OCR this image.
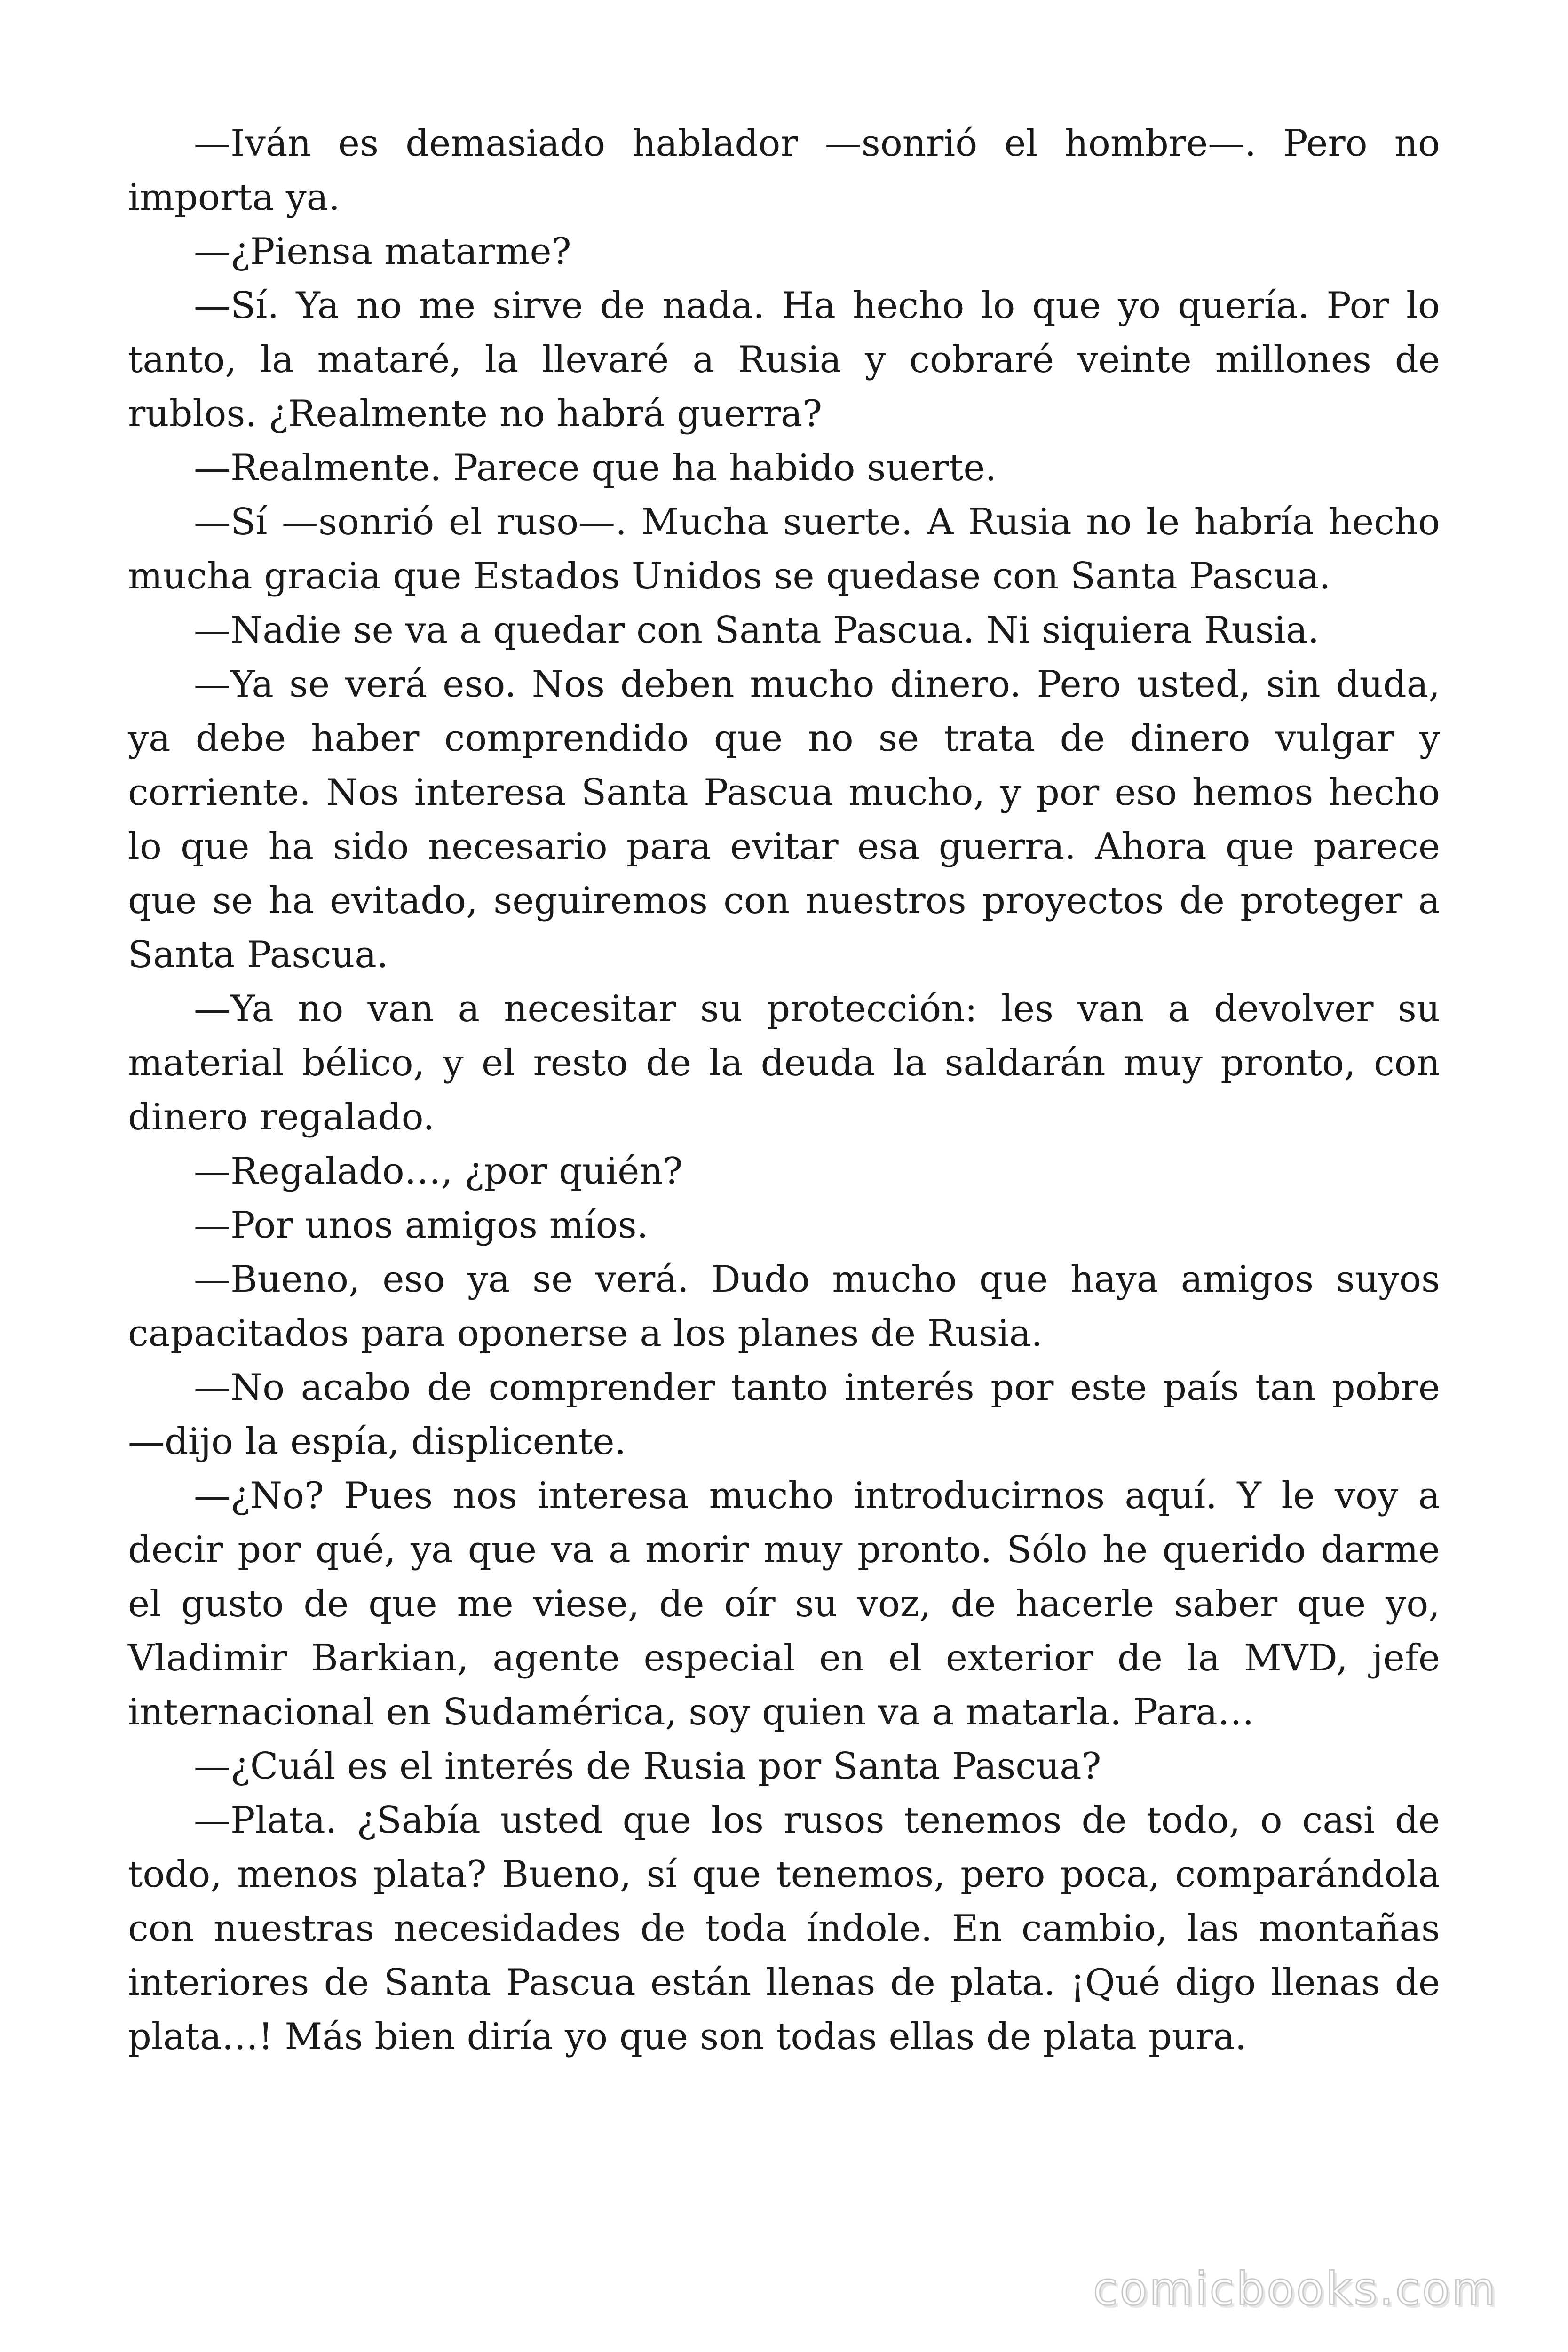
—Iván es demasiado hablador —sonrió el hombre—. Pero no importa ya.

—¿Piensa matarme?

—Sí. Ya no me sirve de nada. Ha hecho lo que yo quería. Por lo tanto, la mataré, la llevaré a Rusia y cobraré veinte millones de rublos. ¿Realmente no habrá guerra?

—Realmente. Parece que ha habido suerte.

—Sí —sonrió el ruso—. Mucha suerte. A Rusia no le habría hecho mucha gracia que Estados Unidos se quedase con Santa Pascua.

—Nadie se va a quedar con Santa Pascua. Ni siquiera Rusia.

—Ya se verá eso. Nos deben mucho dinero. Pero usted, sin duda, ya debe haber comprendido que no se trata de dinero vulgar y corriente. Nos interesa Santa Pascua mucho, y por eso hemos hecho lo que ha sido necesario para evitar esa guerra. Ahora que parece que se ha evitado, seguiremos con nuestros proyectos de proteger a Santa Pascua.

—Ya no van a necesitar su protección: les van a devolver su material bélico, y el resto de la deuda la saldarán muy pronto, con dinero regalado.

—Regalado…, ¿por quién?

—Por unos amigos míos.

—Bueno, eso ya se verá. Dudo mucho que haya amigos suyos capacitados para oponerse a los planes de Rusia.

—No acabo de comprender tanto interés por este país tan pobre —dijo la espía, displicente.

—¿No? Pues nos interesa mucho introducirnos aquí. Y le voy a decir por qué, ya que va a morir muy pronto. Sólo he querido darme el gusto de que me viese, de oír su voz, de hacerle saber que yo, Vladimir Barkian, agente especial en el exterior de la MVD, jefe internacional en Sudamérica, soy quien va a matarla. Para…

—¿Cuál es el interés de Rusia por Santa Pascua?

—Plata. ¿Sabía usted que los rusos tenemos de todo, o casi de todo, menos plata? Bueno, sí que tenemos, pero poca, comparándola con nuestras necesidades de toda índole. En cambio, las montañas interiores de Santa Pascua están llenas de plata. ¡Qué digo llenas de plata…! Más bien diría yo que son todas ellas de plata pura.

comicbooks.com
